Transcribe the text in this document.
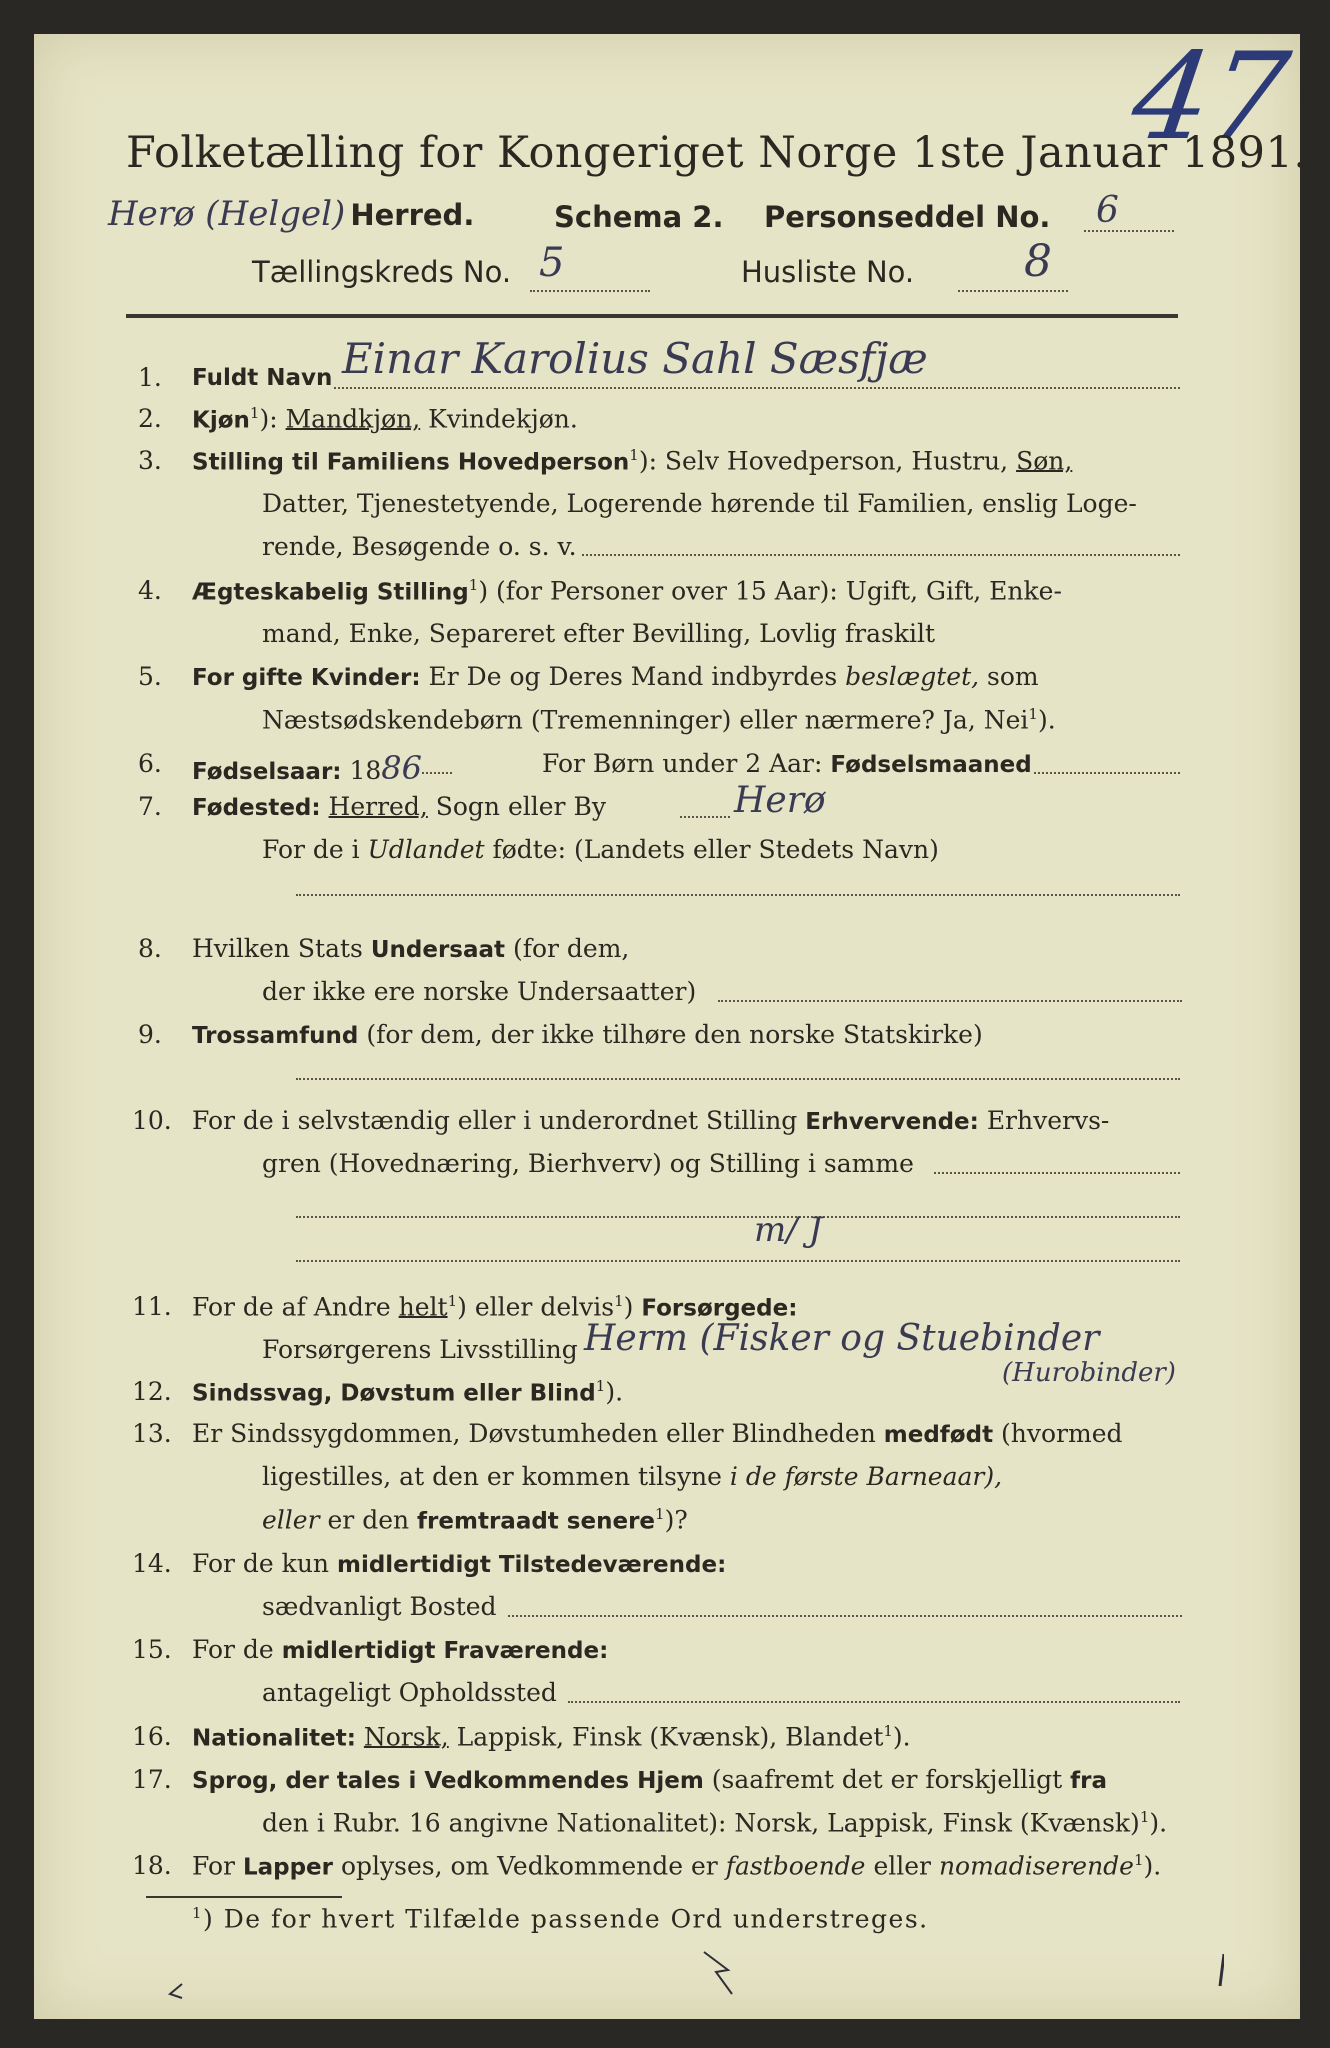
47
Folketælling for Kongeriget Norge 1ste Januar 1891.
Herø (Helgel) Herred.	Schema 2. Personseddel No. 6
Tællingskreds No. 5	Husliste No. 8
1. Fuldt Navn Einar Karolius Sahl Sæsfjæ
2. Kjøn$^1$): Mandkjøn, Kvindekjøn.
3. Stilling til Familiens Hovedperson$^1$): Selv Hovedperson, Hustru, Søn,
Datter, Tjenestetyende, Logerende hørende til Familien, enslig Loge-
rende, Besøgende o. s. v.
4. Ægteskabelig Stilling$^1$) (for Personer over 15 Aar): Ugift, Gift, Enke-
mand, Enke, Separeret efter Bevilling, Lovlig fraskilt
5. For gifte Kvinder: Er De og Deres Mand indbyrdes beslægtet, som
Næstsødskendebørn (Tremenninger) eller nærmere? Ja, Nei$^1$).
6. Fødselsaar: 1886	For Børn under 2 Aar: Fødselsmaaned
7. Fødested: Herred, Sogn eller By	Herø
For de i Udlandet fødte: (Landets eller Stedets Navn)
8. Hvilken Stats Undersaat (for dem,
der ikke ere norske Undersaatter)
9. Trossamfund (for dem, der ikke tilhøre den norske Statskirke)
10. For de i selvstændig eller i underordnet Stilling Erhvervende: Erhvervs-
gren (Hovednæring, Bierhverv) og Stilling i samme
m/ J
11. For de af Andre helt$^1$) eller delvis$^1$) Forsørgede:
Forsørgerens Livsstilling Herm (Fisker og Stuebinder
(Hurobinder)
12. Sindssvag, Døvstum eller Blind$^1$).
13. Er Sindssygdommen, Døvstumheden eller Blindheden medfødt (hvormed
ligestilles, at den er kommen tilsyne i de første Barneaar),
eller er den fremtraadt senere$^1$)?
14. For de kun midlertidigt Tilstedeværende:
sædvanligt Bosted
15. For de midlertidigt Fraværende:
antageligt Opholdssted
16. Nationalitet: Norsk, Lappisk, Finsk (Kvænsk), Blandet$^1$).
17. Sprog, der tales i Vedkommendes Hjem (saafremt det er forskjelligt fra
den i Rubr. 16 angivne Nationalitet): Norsk, Lappisk, Finsk (Kvænsk)$^1$).
18. For Lapper oplyses, om Vedkommende er fastboende eller nomadiserende$^1$).
$^1$) De for hvert Tilfælde passende Ord understreges.
